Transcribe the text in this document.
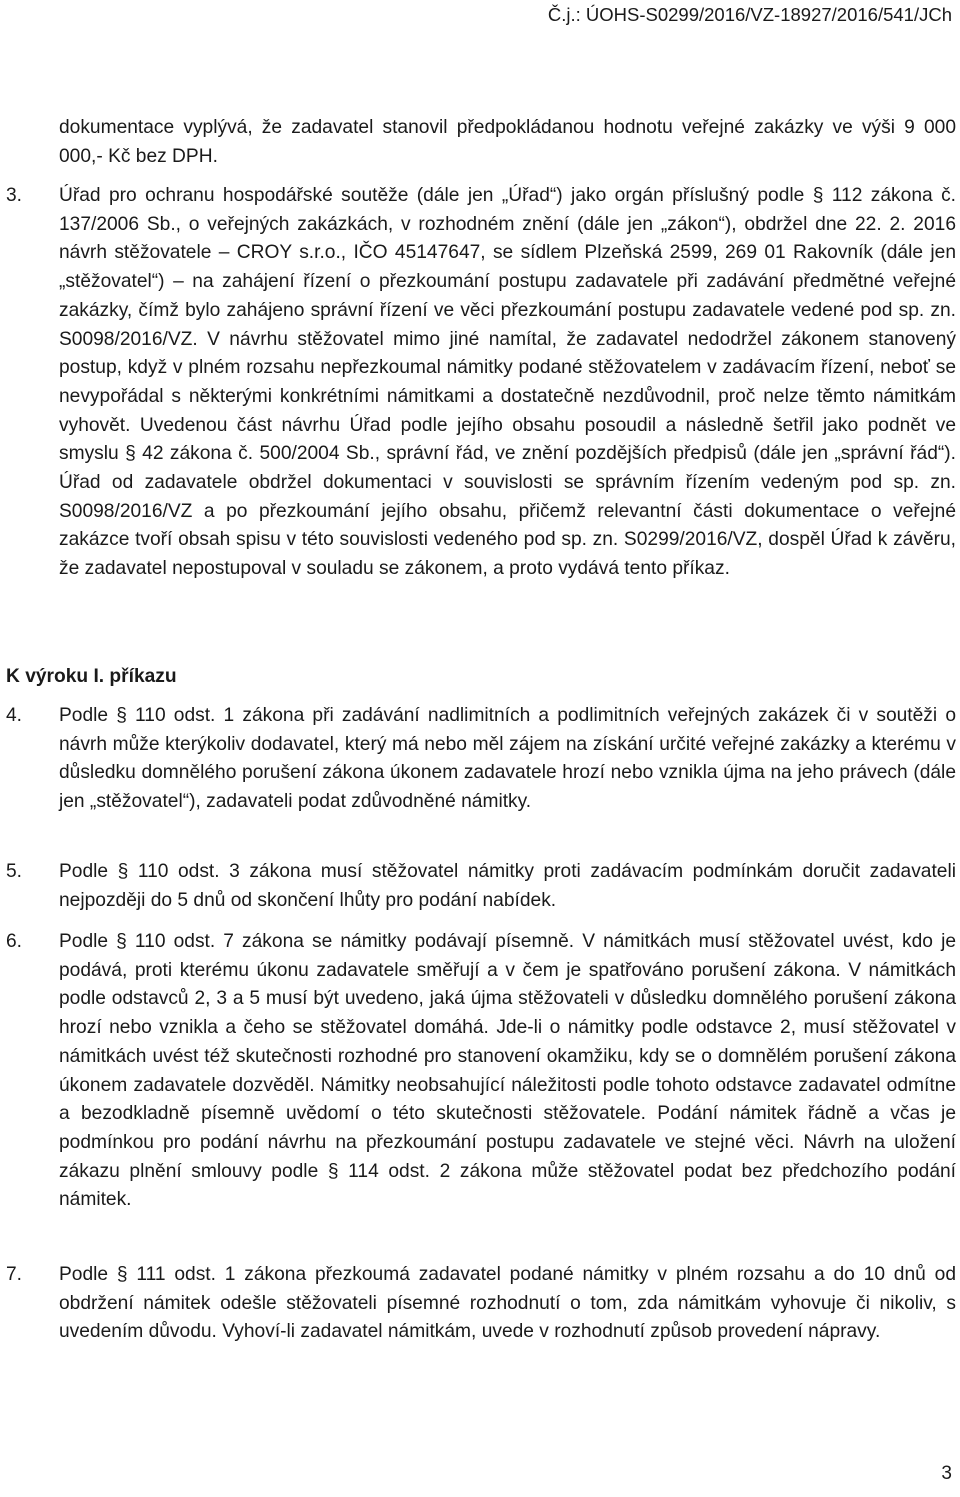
Č.j.: ÚOHS-S0299/2016/VZ-18927/2016/541/JCh

dokumentace vyplývá, že zadavatel stanovil předpokládanou hodnotu veřejné zakázky ve výši 9 000 000,- Kč bez DPH.

3. Úřad pro ochranu hospodářské soutěže (dále jen „Úřad“) jako orgán příslušný podle § 112 zákona č. 137/2006 Sb., o veřejných zakázkách, v rozhodném znění (dále jen „zákon“), obdržel dne 22. 2. 2016 návrh stěžovatele – CROY s.r.o., IČO 45147647, se sídlem Plzeňská 2599, 269 01 Rakovník (dále jen „stěžovatel“) – na zahájení řízení o přezkoumání postupu zadavatele při zadávání předmětné veřejné zakázky, čímž bylo zahájeno správní řízení ve věci přezkoumání postupu zadavatele vedené pod sp. zn. S0098/2016/VZ. V návrhu stěžovatel mimo jiné namítal, že zadavatel nedodržel zákonem stanovený postup, když v plném rozsahu nepřezkoumal námitky podané stěžovatelem v zadávacím řízení, neboť se nevypořádal s některými konkrétními námitkami a dostatečně nezdůvodnil, proč nelze těmto námitkám vyhovět. Uvedenou část návrhu Úřad podle jejího obsahu posoudil a následně šetřil jako podnět ve smyslu § 42 zákona č. 500/2004 Sb., správní řád, ve znění pozdějších předpisů (dále jen „správní řád“). Úřad od zadavatele obdržel dokumentaci v souvislosti se správním řízením vedeným pod sp. zn. S0098/2016/VZ a po přezkoumání jejího obsahu, přičemž relevantní části dokumentace o veřejné zakázce tvoří obsah spisu v této souvislosti vedeného pod sp. zn. S0299/2016/VZ, dospěl Úřad k závěru, že zadavatel nepostupoval v souladu se zákonem, a proto vydává tento příkaz.

K výroku I. příkazu
4. Podle § 110 odst. 1 zákona při zadávání nadlimitních a podlimitních veřejných zakázek či v soutěži o návrh může kterýkoliv dodavatel, který má nebo měl zájem na získání určité veřejné zakázky a kterému v důsledku domnělého porušení zákona úkonem zadavatele hrozí nebo vznikla újma na jeho právech (dále jen „stěžovatel“), zadavateli podat zdůvodněné námitky.

5. Podle § 110 odst. 3 zákona musí stěžovatel námitky proti zadávacím podmínkám doručit zadavateli nejpozději do 5 dnů od skončení lhůty pro podání nabídek.

6. Podle § 110 odst. 7 zákona se námitky podávají písemně. V námitkách musí stěžovatel uvést, kdo je podává, proti kterému úkonu zadavatele směřují a v čem je spatřováno porušení zákona. V námitkách podle odstavců 2, 3 a 5 musí být uvedeno, jaká újma stěžovateli v důsledku domnělého porušení zákona hrozí nebo vznikla a čeho se stěžovatel domáhá. Jde-li o námitky podle odstavce 2, musí stěžovatel v námitkách uvést též skutečnosti rozhodné pro stanovení okamžiku, kdy se o domnělém porušení zákona úkonem zadavatele dozvěděl. Námitky neobsahující náležitosti podle tohoto odstavce zadavatel odmítne a bezodkladně písemně uvědomí o této skutečnosti stěžovatele. Podání námitek řádně a včas je podmínkou pro podání návrhu na přezkoumání postupu zadavatele ve stejné věci. Návrh na uložení zákazu plnění smlouvy podle § 114 odst. 2 zákona může stěžovatel podat bez předchozího podání námitek.

7. Podle § 111 odst. 1 zákona přezkoumá zadavatel podané námitky v plném rozsahu a do 10 dnů od obdržení námitek odešle stěžovateli písemné rozhodnutí o tom, zda námitkám vyhovuje či nikoliv, s uvedením důvodu. Vyhoví-li zadavatel námitkám, uvede v rozhodnutí způsob provedení nápravy.

3
